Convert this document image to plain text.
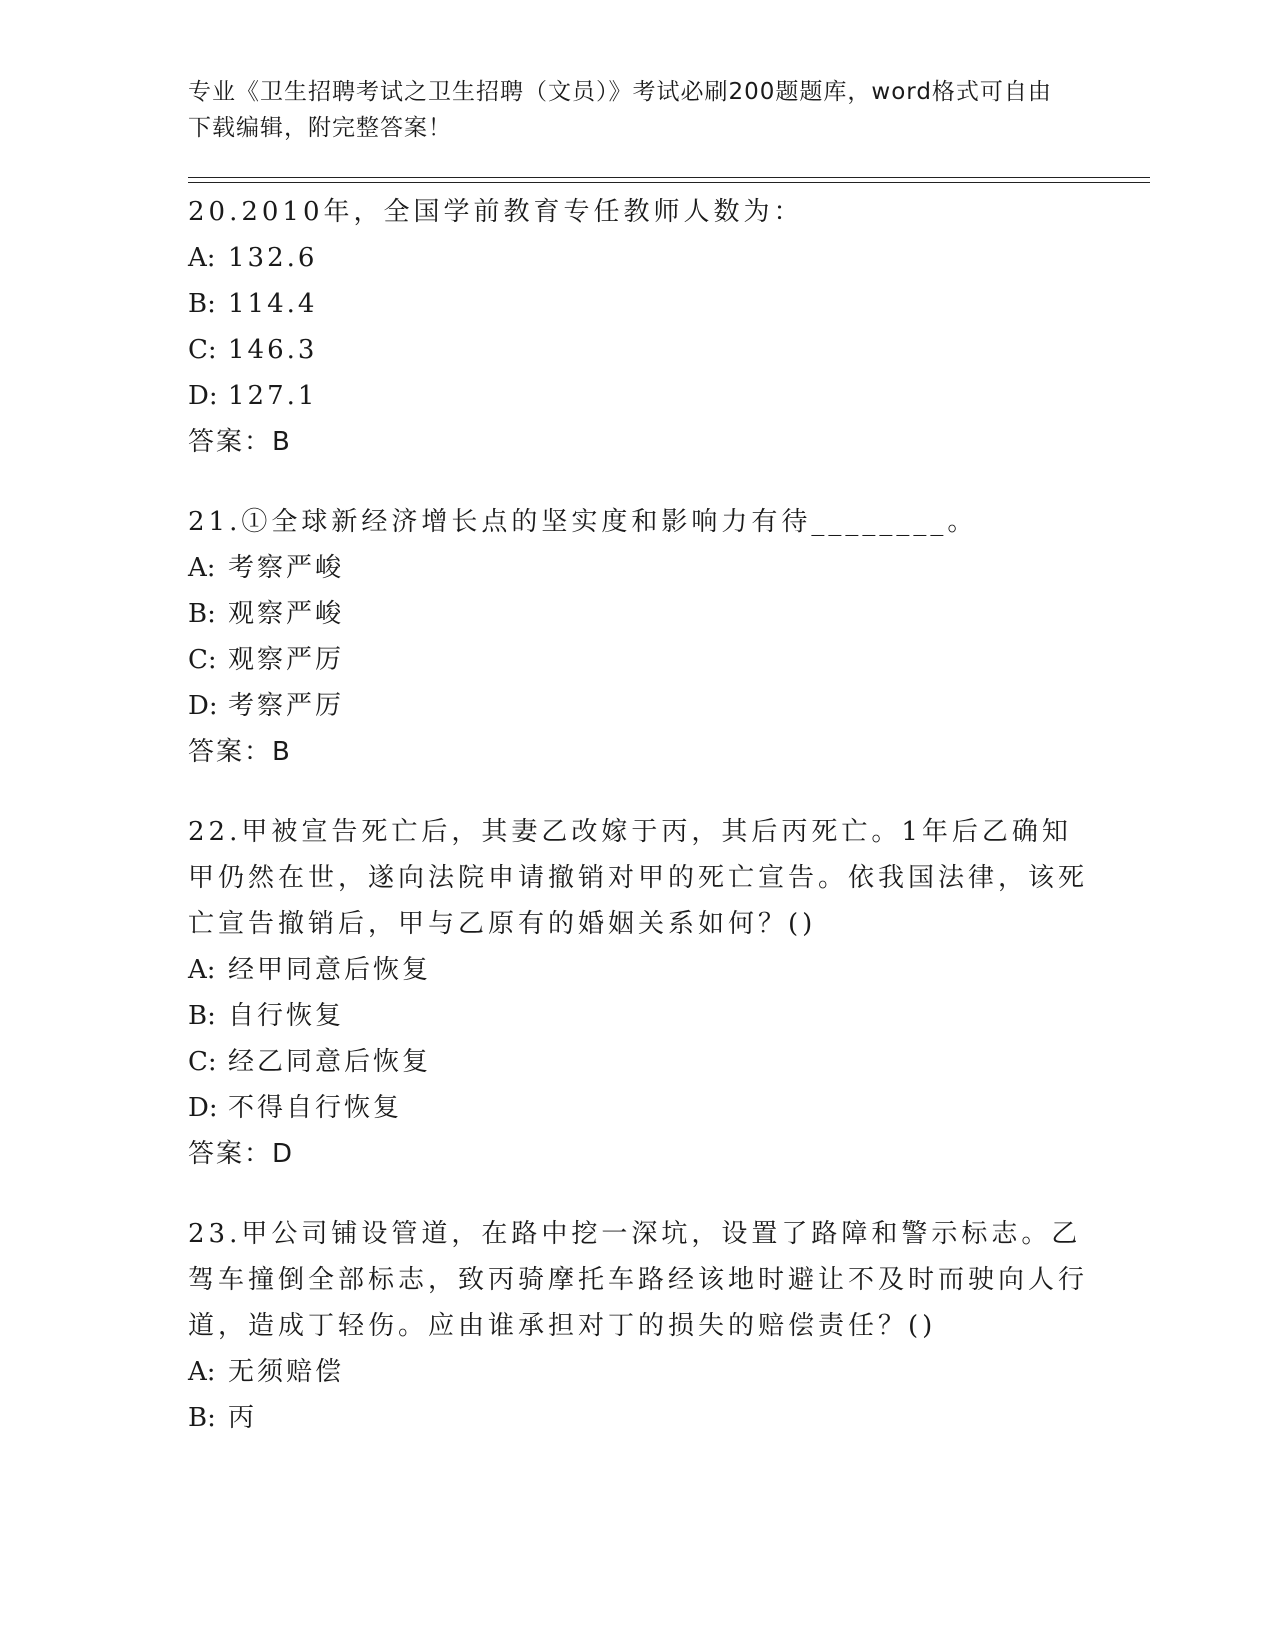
专业《卫生招聘考试之卫生招聘（文员）》考试必刷200题题库，word格式可自由下载编辑，附完整答案！

20.2010年，全国学前教育专任教师人数为：

A: 132.6

B: 114.4

C: 146.3

D: 127.1

答案：B

21.①全球新经济增长点的坚实度和影响力有待________。

A: 考察严峻

B: 观察严峻

C: 观察严厉

D: 考察严厉

答案：B

22.甲被宣告死亡后，其妻乙改嫁于丙，其后丙死亡。1年后乙确知甲仍然在世，遂向法院申请撤销对甲的死亡宣告。依我国法律，该死亡宣告撤销后，甲与乙原有的婚姻关系如何？()

A: 经甲同意后恢复

B: 自行恢复

C: 经乙同意后恢复

D: 不得自行恢复

答案：D

23.甲公司铺设管道，在路中挖一深坑，设置了路障和警示标志。乙驾车撞倒全部标志，致丙骑摩托车路经该地时避让不及时而驶向人行道，造成丁轻伤。应由谁承担对丁的损失的赔偿责任？()

A: 无须赔偿

B: 丙
